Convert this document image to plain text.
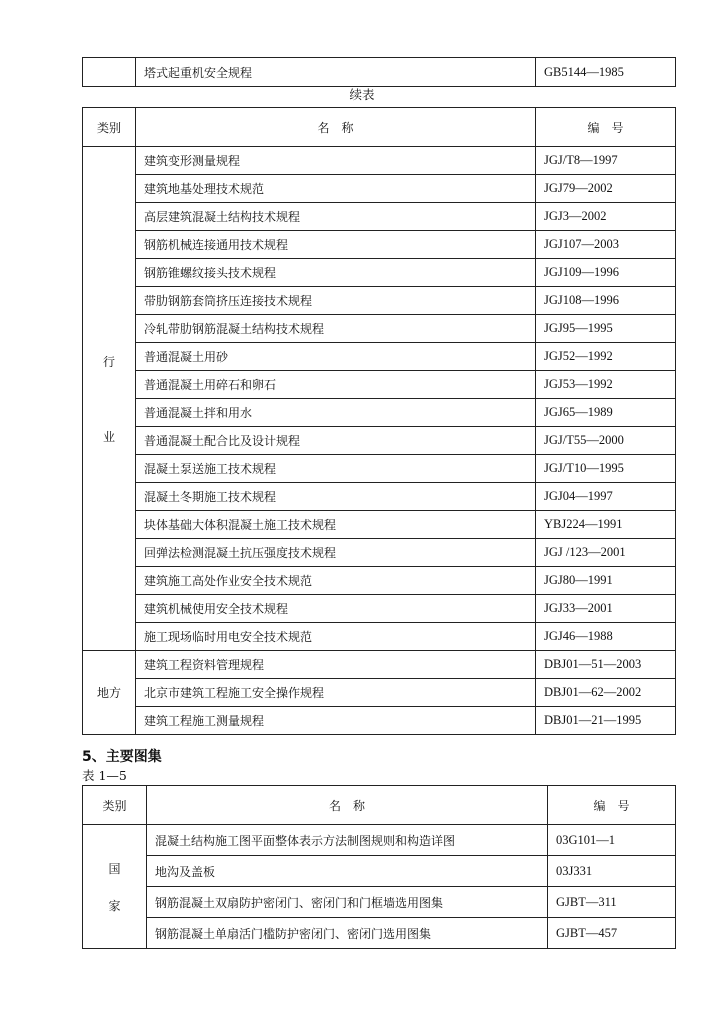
	塔式起重机安全规程	GB5144—1985
续表
类别	名　称	编　号

行
业	建筑变形测量规程	JGJ/T8—1997
	建筑地基处理技术规范	JGJ79—2002
	高层建筑混凝土结构技术规程	JGJ3—2002
	钢筋机械连接通用技术规程	JGJ107—2003
	钢筋锥螺纹接头技术规程	JGJ109—1996
	带肋钢筋套筒挤压连接技术规程	JGJ108—1996
	冷轧带肋钢筋混凝土结构技术规程	JGJ95—1995
	普通混凝土用砂	JGJ52—1992
	普通混凝土用碎石和卵石	JGJ53—1992
	普通混凝土拌和用水	JGJ65—1989
	普通混凝土配合比及设计规程	JGJ/T55—2000
	混凝土泵送施工技术规程	JGJ/T10—1995
	混凝土冬期施工技术规程	JGJ04—1997
	块体基础大体积混凝土施工技术规程	YBJ224—1991
	回弹法检测混凝土抗压强度技术规程	JGJ /123—2001
	建筑施工高处作业安全技术规范	JGJ80—1991
	建筑机械使用安全技术规程	JGJ33—2001
	施工现场临时用电安全技术规范	JGJ46—1988
地方	建筑工程资料管理规程	DBJ01—51—2003
	北京市建筑工程施工安全操作规程	DBJ01—62—2002
	建筑工程施工测量规程	DBJ01—21—1995
5、主要图集
表 1—5
类别	名　称	编　号

国
家	混凝土结构施工图平面整体表示方法制图规则和构造详图	03G101—1
	地沟及盖板	03J331
	钢筋混凝土双扇防护密闭门、密闭门和门框墙选用图集	GJBT—311
	钢筋混凝土单扇活门槛防护密闭门、密闭门选用图集	GJBT—457
